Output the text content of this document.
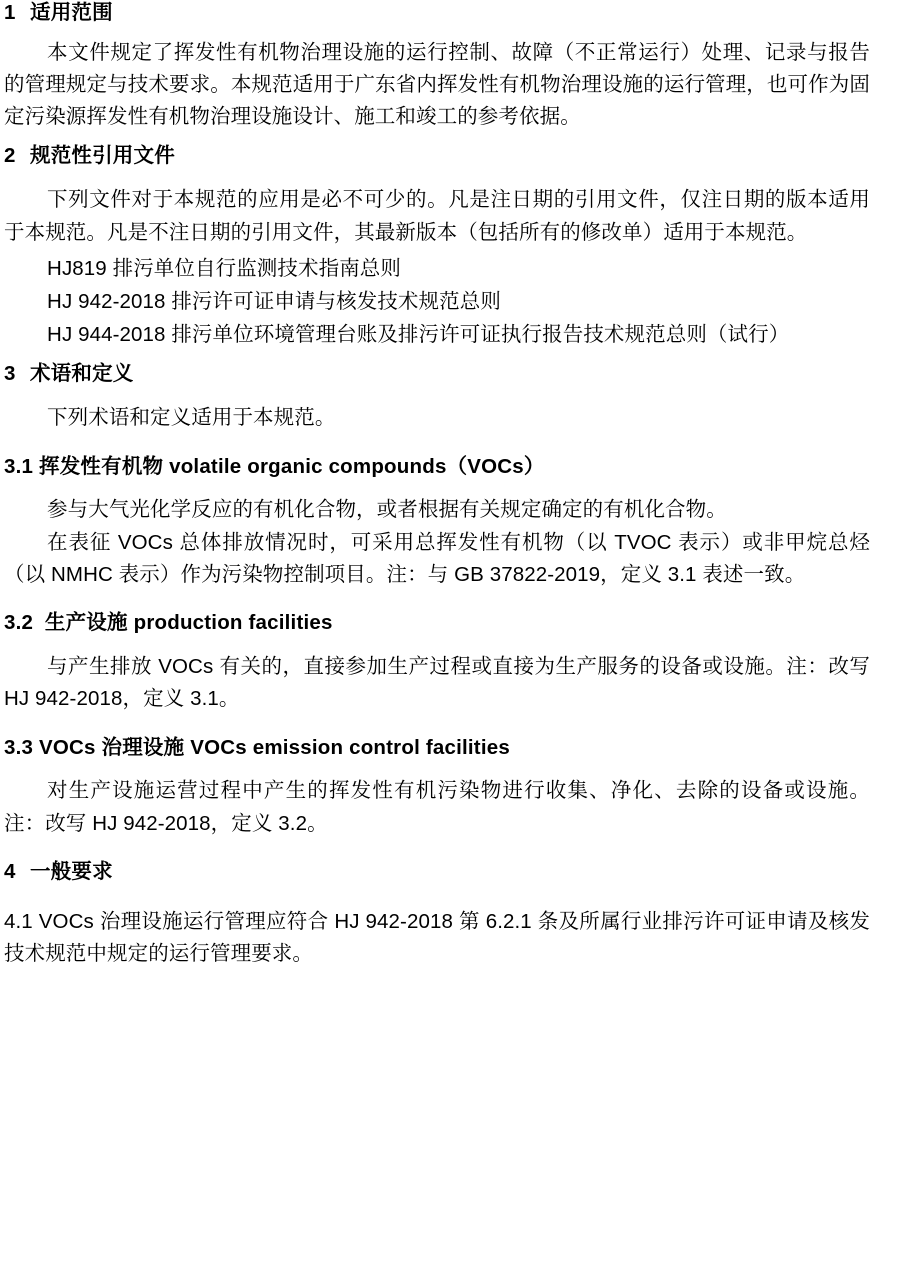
1 适用范围

本文件规定了挥发性有机物治理设施的运行控制、故障（不正常运行）处理、记录与报告的管理规定与技术要求。本规范适用于广东省内挥发性有机物治理设施的运行管理，也可作为固定污染源挥发性有机物治理设施设计、施工和竣工的参考依据。

2 规范性引用文件

下列文件对于本规范的应用是必不可少的。凡是注日期的引用文件，仅注日期的版本适用于本规范。凡是不注日期的引用文件，其最新版本（包括所有的修改单）适用于本规范。

HJ819 排污单位自行监测技术指南总则

HJ 942-2018 排污许可证申请与核发技术规范总则

HJ 944-2018 排污单位环境管理台账及排污许可证执行报告技术规范总则（试行）

3 术语和定义

下列术语和定义适用于本规范。

3.1 挥发性有机物 volatile organic compounds（VOCs）

参与大气光化学反应的有机化合物，或者根据有关规定确定的有机化合物。

在表征 VOCs 总体排放情况时，可采用总挥发性有机物（以 TVOC 表示）或非甲烷总烃（以 NMHC 表示）作为污染物控制项目。注：与 GB 37822-2019，定义 3.1 表述一致。

3.2 生产设施 production facilities

与产生排放 VOCs 有关的，直接参加生产过程或直接为生产服务的设备或设施。注：改写 HJ 942-2018，定义 3.1。

3.3 VOCs 治理设施 VOCs emission control facilities

对生产设施运营过程中产生的挥发性有机污染物进行收集、净化、去除的设备或设施。注：改写 HJ 942-2018，定义 3.2。

4 一般要求

4.1 VOCs 治理设施运行管理应符合 HJ 942-2018 第 6.2.1 条及所属行业排污许可证申请及核发技术规范中规定的运行管理要求。
